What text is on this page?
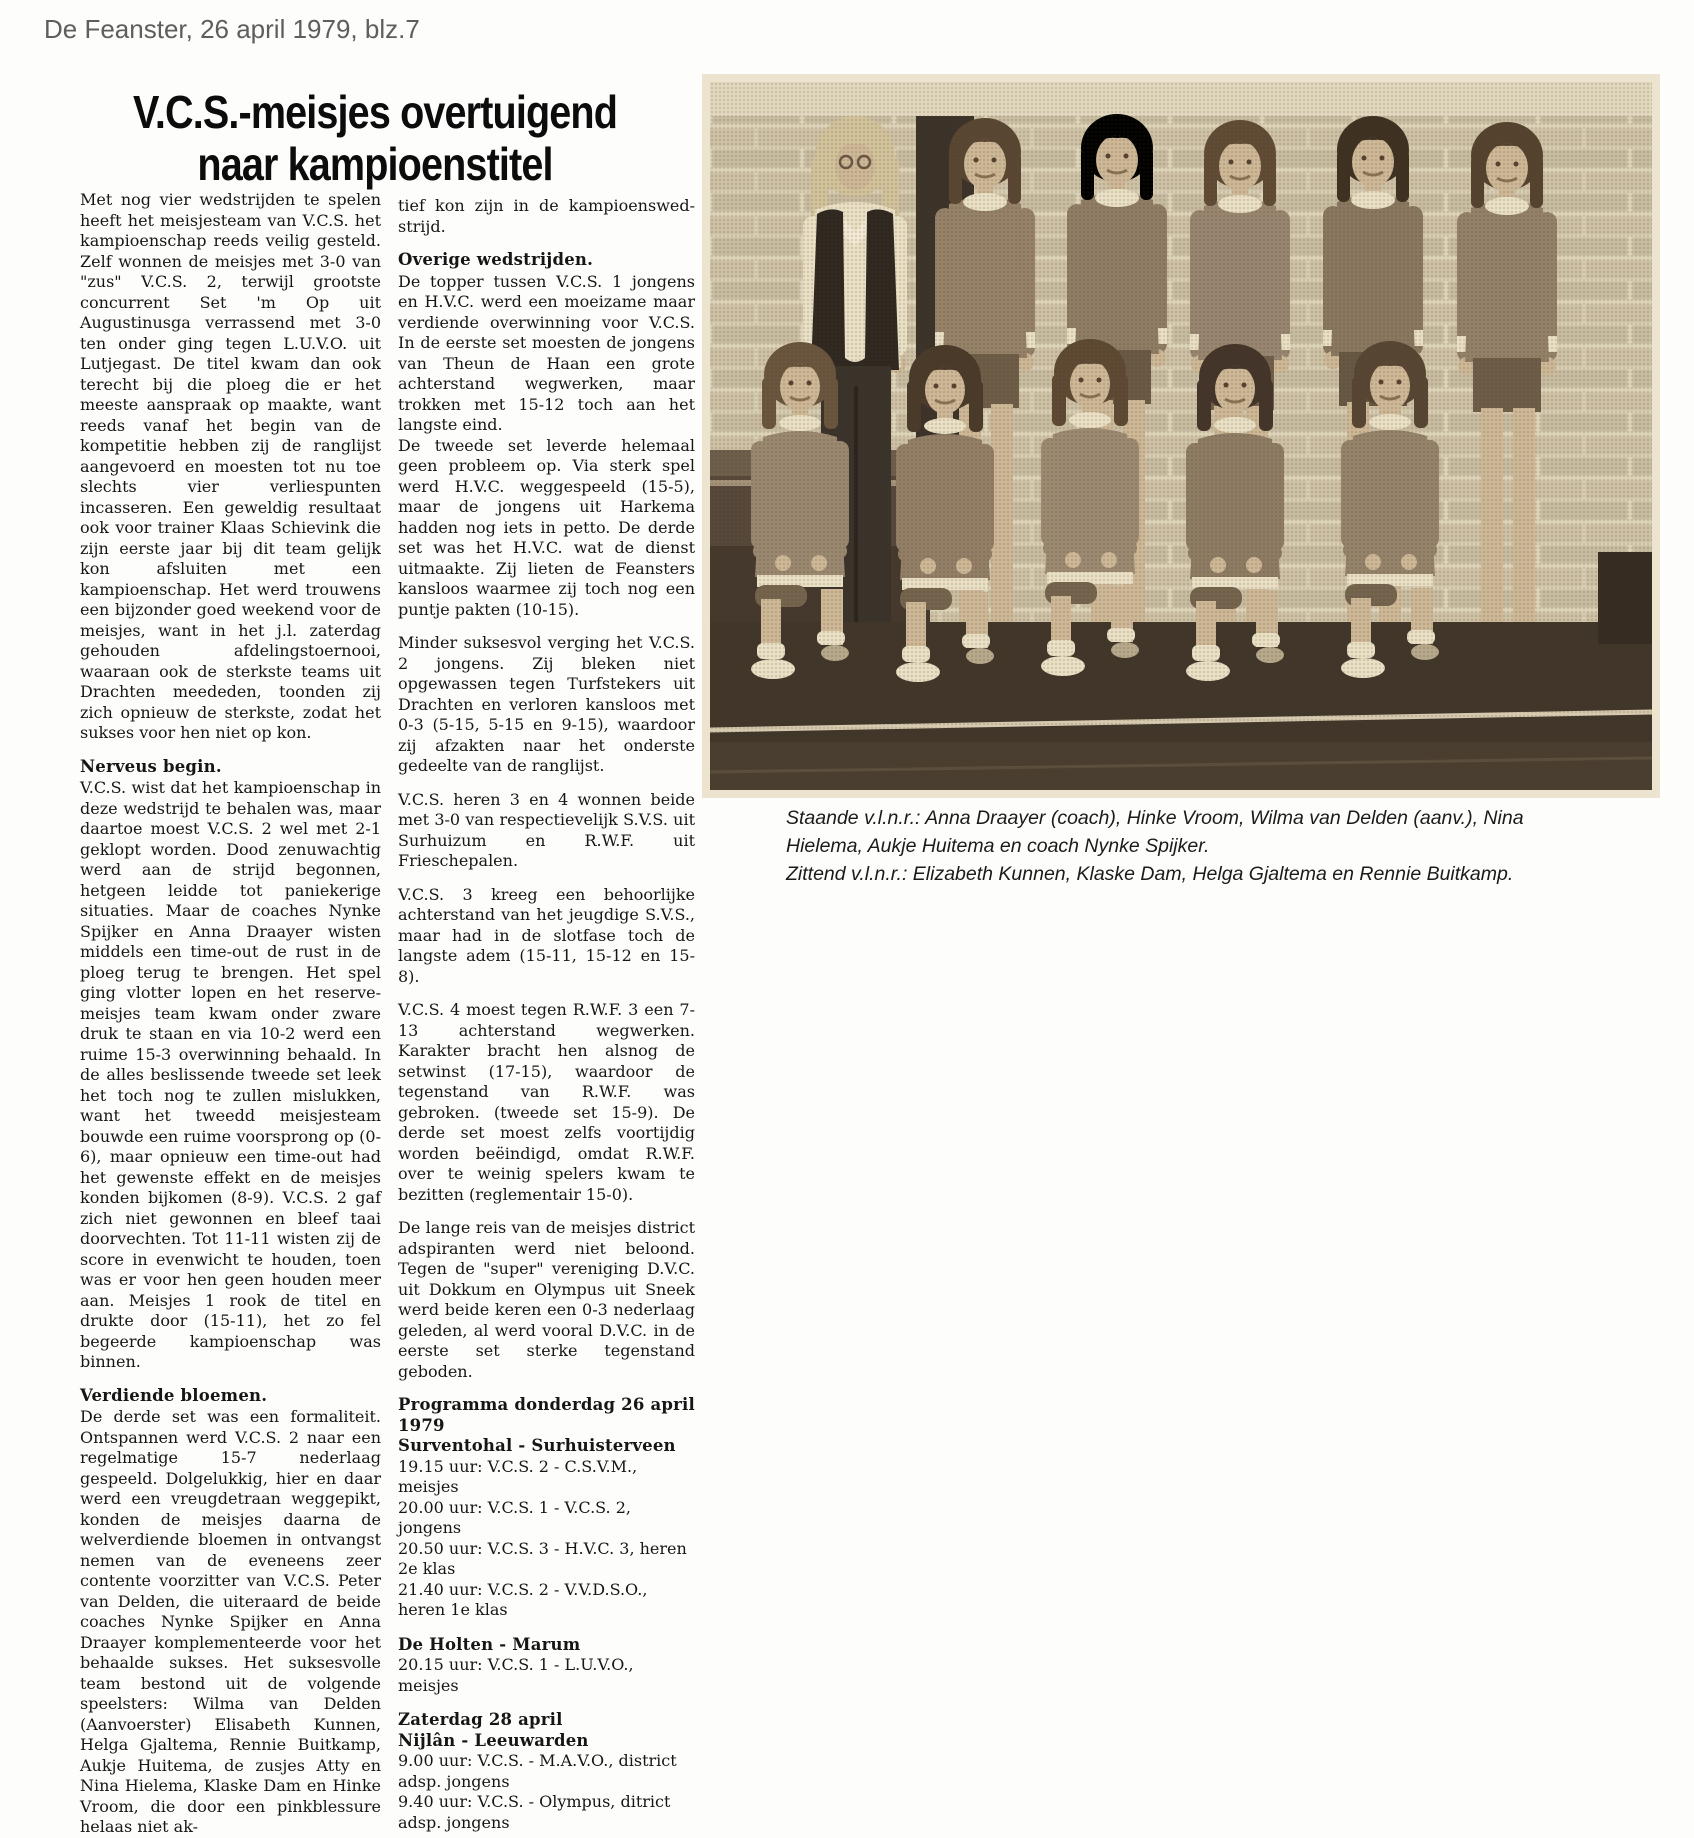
De Feanster, 26 april 1979, blz.7
V.C.S.-meisjes overtuigend
naar kampioenstitel

Met nog vier wedstrijden te spelen heeft het meisjesteam van V.C.S. het kampioenschap reeds veilig gesteld. Zelf wonnen de meisjes met 3-0 van "zus" V.C.S. 2, terwijl grootste concurrent Set 'm Op uit Augustinusga verrassend met 3-0 ten onder ging tegen L.U.V.O. uit Lutjegast. De titel kwam dan ook terecht bij die ploeg die er het meeste aanspraak op maakte, want reeds vanaf het begin van de kompetitie hebben zij de ranglijst aangevoerd en moesten tot nu toe slechts vier verliespunten incasseren. Een geweldig resultaat ook voor trainer Klaas Schievink die zijn eerste jaar bij dit team gelijk kon afsluiten met een kampioenschap. Het werd trouwens een bijzonder goed weekend voor de meisjes, want in het j.l. zaterdag gehouden afdelingstoernooi, waaraan ook de sterkste teams uit Drachten meededen, toonden zij zich opnieuw de sterkste, zodat het sukses voor hen niet op kon.

Nerveus begin.

V.C.S. wist dat het kampioenschap in deze wedstrijd te behalen was, maar daartoe moest V.C.S. 2 wel met 2-1 geklopt worden. Dood zenuwachtig werd aan de strijd begonnen, hetgeen leidde tot paniekerige situaties. Maar de coaches Nynke Spijker en Anna Draayer wisten middels een time-out de rust in de ploeg terug te brengen. Het spel ging vlotter lopen en het reserve-meisjes team kwam onder zware druk te staan en via 10-2 werd een ruime 15-3 overwinning behaald. In de alles beslissende tweede set leek het toch nog te zullen mislukken, want het tweedd meisjesteam bouwde een ruime voorsprong op (0-6), maar opnieuw een time-out had het gewenste effekt en de meisjes konden bijkomen (8-9). V.C.S. 2 gaf zich niet gewonnen en bleef taai doorvechten. Tot 11-11 wisten zij de score in evenwicht te houden, toen was er voor hen geen houden meer aan. Meisjes 1 rook de titel en drukte door (15-11), het zo fel begeerde kampioenschap was binnen.

Verdiende bloemen.

De derde set was een formaliteit. Ontspannen werd V.C.S. 2 naar een regelmatige 15-7 nederlaag gespeeld. Dolgelukkig, hier en daar werd een vreugdetraan weggepikt, konden de meisjes daarna de welverdiende bloemen in ontvangst nemen van de eveneens zeer contente voorzitter van V.C.S. Peter van Delden, die uiteraard de beide coaches Nynke Spijker en Anna Draayer komplementeerde voor het behaalde sukses. Het suksesvolle team bestond uit de volgende speelsters: Wilma van Delden (Aanvoerster) Elisabeth Kunnen, Helga Gjaltema, Rennie Buitkamp, Aukje Huitema, de zusjes Atty en Nina Hielema, Klaske Dam en Hinke Vroom, die door een pinkblessure helaas niet ak-

tief kon zijn in de kampioenswed-strijd.

Overige wedstrijden.

De topper tussen V.C.S. 1 jongens en H.V.C. werd een moeizame maar verdiende overwinning voor V.C.S. In de eerste set moesten de jongens van Theun de Haan een grote achterstand wegwerken, maar trokken met 15-12 toch aan het langste eind.

De tweede set leverde helemaal geen probleem op. Via sterk spel werd H.V.C. weggespeeld (15-5), maar de jongens uit Harkema hadden nog iets in petto. De derde set was het H.V.C. wat de dienst uitmaakte. Zij lieten de Feansters kansloos waarmee zij toch nog een puntje pakten (10-15).

Minder suksesvol verging het V.C.S. 2 jongens. Zij bleken niet opgewassen tegen Turfstekers uit Drachten en verloren kansloos met 0-3 (5-15, 5-15 en 9-15), waardoor zij afzakten naar het onderste gedeelte van de ranglijst.

V.C.S. heren 3 en 4 wonnen beide met 3-0 van respectievelijk S.V.S. uit Surhuizum en R.W.F. uit Frieschepalen.

V.C.S. 3 kreeg een behoorlijke achterstand van het jeugdige S.V.S., maar had in de slotfase toch de langste adem (15-11, 15-12 en 15-8).

V.C.S. 4 moest tegen R.W.F. 3 een 7-13 achterstand wegwerken. Karakter bracht hen alsnog de setwinst (17-15), waardoor de tegenstand van R.W.F. was gebroken. (tweede set 15-9). De derde set moest zelfs voortijdig worden beëindigd, omdat R.W.F. over te weinig spelers kwam te bezitten (reglementair 15-0).

De lange reis van de meisjes district adspiranten werd niet beloond. Tegen de "super" vereniging D.V.C. uit Dokkum en Olympus uit Sneek werd beide keren een 0-3 nederlaag geleden, al werd vooral D.V.C. in de eerste set sterke tegenstand geboden.

Programma donderdag 26 april 1979
Surventohal - Surhuisterveen

19.15 uur: V.C.S. 2 - C.S.V.M., meisjes

20.00 uur: V.C.S. 1 - V.C.S. 2, jongens

20.50 uur: V.C.S. 3 - H.V.C. 3, heren 2e klas

21.40 uur: V.C.S. 2 - V.V.D.S.O., heren 1e klas

De Holten - Marum

20.15 uur: V.C.S. 1 - L.U.V.O., meisjes

Zaterdag 28 april
Nijlân - Leeuwarden

9.00 uur: V.C.S. - M.A.V.O., district adsp. jongens

9.40 uur: V.C.S. - Olympus, ditrict adsp. jongens

Staande v.l.n.r.: Anna Draayer (coach), Hinke Vroom, Wilma van Delden (aanv.), Nina Hielema, Aukje Huitema en coach Nynke Spijker.
Zittend v.l.n.r.: Elizabeth Kunnen, Klaske Dam, Helga Gjaltema en Rennie Buitkamp.
